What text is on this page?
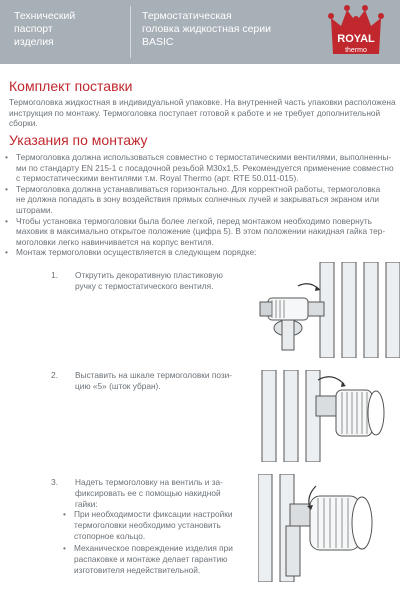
Технический
паспорт
изделия
Термостатическая
головка жидкостная серии
BASIC	ROYAL
thermo
Комплект поставки
Термоголовка жидкостная в индивидуальной упаковке. На внутренней часть упаковки расположена
инструкция по монтажу. Термоголовка поступает готовой к работе и не требует дополнительной
сборки.
Указания по монтажу
• Термоголовка должна использоваться совместно с термостатическими вентилями, выполненны-
ми по стандарту EN 215-1 с посадочной резьбой М30х1,5. Рекомендуется применение совместно
с термостатическими вентилями т.м. Royal Thermo (арт. RTE 50.011-015).
• Термоголовка должна устанавливаться горизонтально. Для корректной работы, термоголовка
не должна попадать в зону воздействия прямых солнечных лучей и закрываться экраном или
шторами.
• Чтобы установка термоголовки была более легкой, перед монтажом необходимо повернуть
маховик в максимально открытое положение (цифра 5). В этом положении накидная гайка тер-
моголовки легко навинчивается на корпус вентиля.
• Монтаж термоголовки осуществляется в следующем порядке:
1. Открутить декоративную пластиковую
ручку с термостатического вентиля.
2. Выставить на шкале термоголовки пози-
цию «5» (шток убран).
3. Надеть термоголовку на вентиль и за-
фиксировать ее с помощью накидной
гайки:
• При необходимости фиксации настройки
термоголовки необходимо установить
стопорное кольцо.
• Механическое повреждение изделия при
распаковке и монтаже делает гарантию
изготовителя недействительной.
